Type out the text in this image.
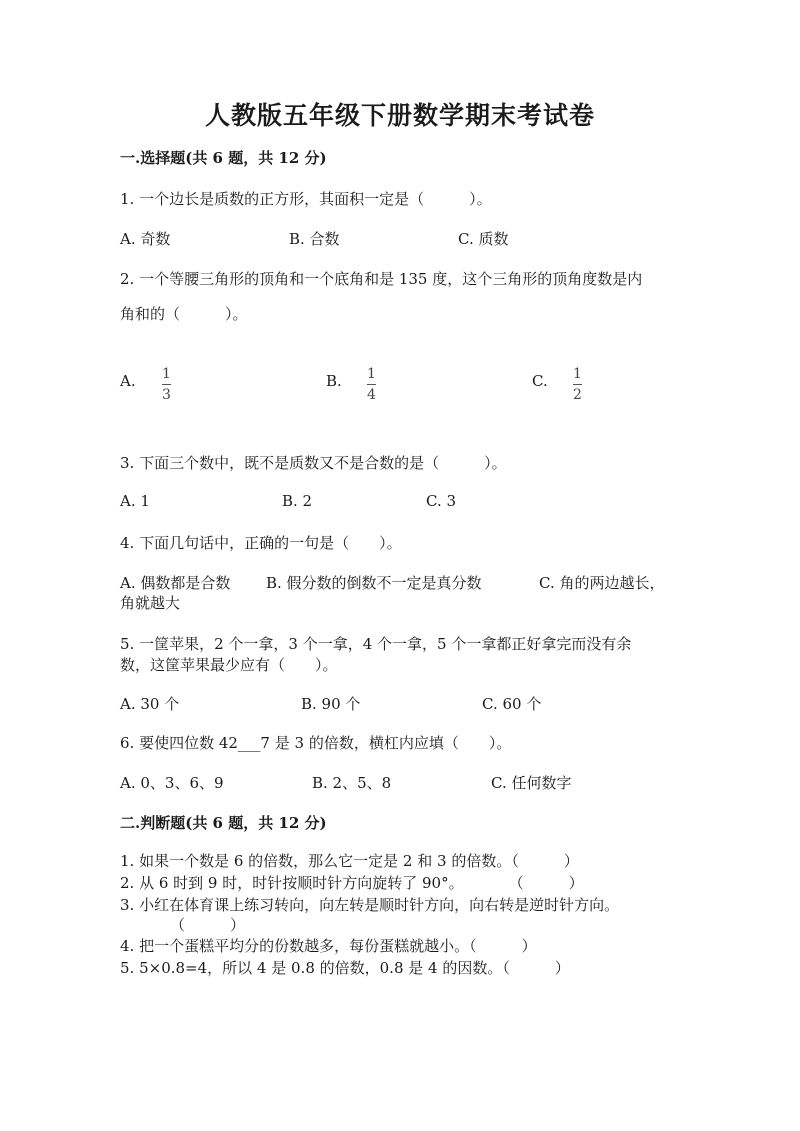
人教版五年级下册数学期末考试卷
一.选择题(共 6 题，共 12 分)
1. 一个边长是质数的正方形，其面积一定是（　　　）。
A. 奇数	B. 合数	C. 质数
2. 一个等腰三角形的顶角和一个底角和是 135 度，这个三角形的顶角度数是内
角和的（　　　）。
A. 1
3
B. 1
4
C. 1
2
3. 下面三个数中，既不是质数又不是合数的是（　　　）。
A. 1	B. 2	C. 3
4. 下面几句话中，正确的一句是（　　）。
A. 偶数都是合数 B. 假分数的倒数不一定是真分数	C. 角的两边越长，
角就越大
5. 一筐苹果，2 个一拿，3 个一拿，4 个一拿，5 个一拿都正好拿完而没有余
数，这筐苹果最少应有（　　）。
A. 30 个	B. 90 个	C. 60 个
6. 要使四位数 42___7 是 3 的倍数，横杠内应填（　　）。
A. 0、3、6、9	B. 2、5、8	C. 任何数字
二.判断题(共 6 题，共 12 分)
1. 如果一个数是 6 的倍数，那么它一定是 2 和 3 的倍数。（　　　）
2. 从 6 时到 9 时，时针按顺时针方向旋转了 90°。　　　　（　　　）
3. 小红在体育课上练习转向，向左转是顺时针方向，向右转是逆时针方向。
（　　　）
4. 把一个蛋糕平均分的份数越多，每份蛋糕就越小。（　　　）
5. 5×0.8=4，所以 4 是 0.8 的倍数，0.8 是 4 的因数。（　　　）
